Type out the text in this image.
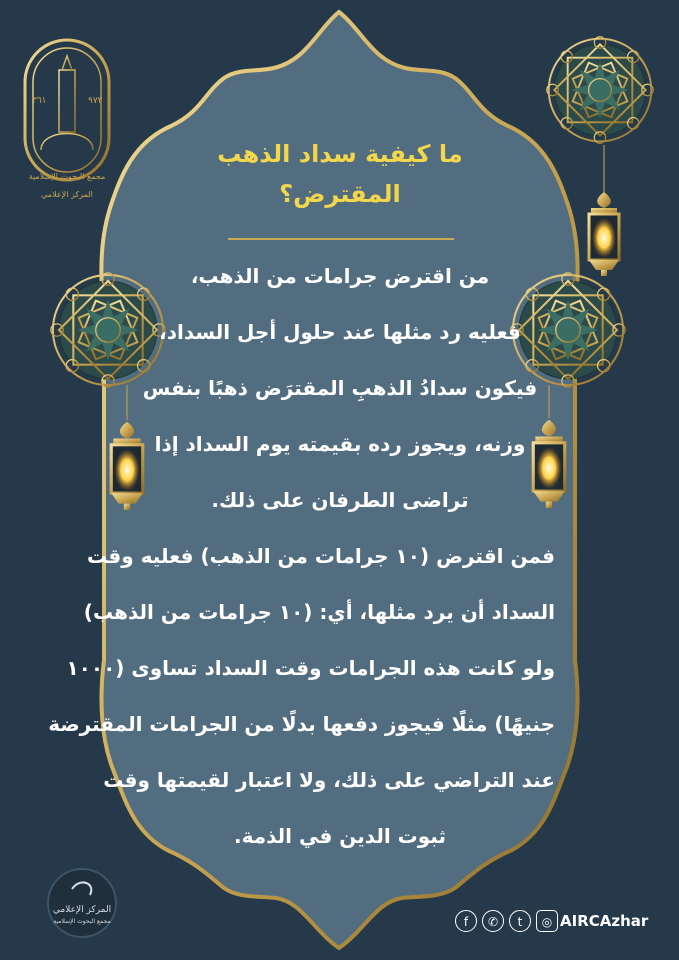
٣٦١	٩٧٢
مجمع البحوث الإسلامية
المركز الإعلامي
ما كيفية سداد الذهب
المقترض؟
من اقترض جرامات من الذهب،
فعليه رد مثلها عند حلول أجل السداد،
فيكون سدادُ الذهبِ المقترَض ذهبًا بنفس
وزنه، ويجوز رده بقيمته يوم السداد إذا
تراضى الطرفان على ذلك.
فمن اقترض (١٠ جرامات من الذهب) فعليه وقت
السداد أن يرد مثلها، أي: (١٠ جرامات من الذهب)
ولو كانت هذه الجرامات وقت السداد تساوى (١٠٠٠
جنيهًا) مثلًا فيجوز دفعها بدلًا من الجرامات المقترضة
عند التراضي على ذلك، ولا اعتبار لقيمتها وقت
ثبوت الدين في الذمة.
المركز الإعلامي
مجمع البحوث الإسلامية	f	✆	t	◎ AIRCAzhar
